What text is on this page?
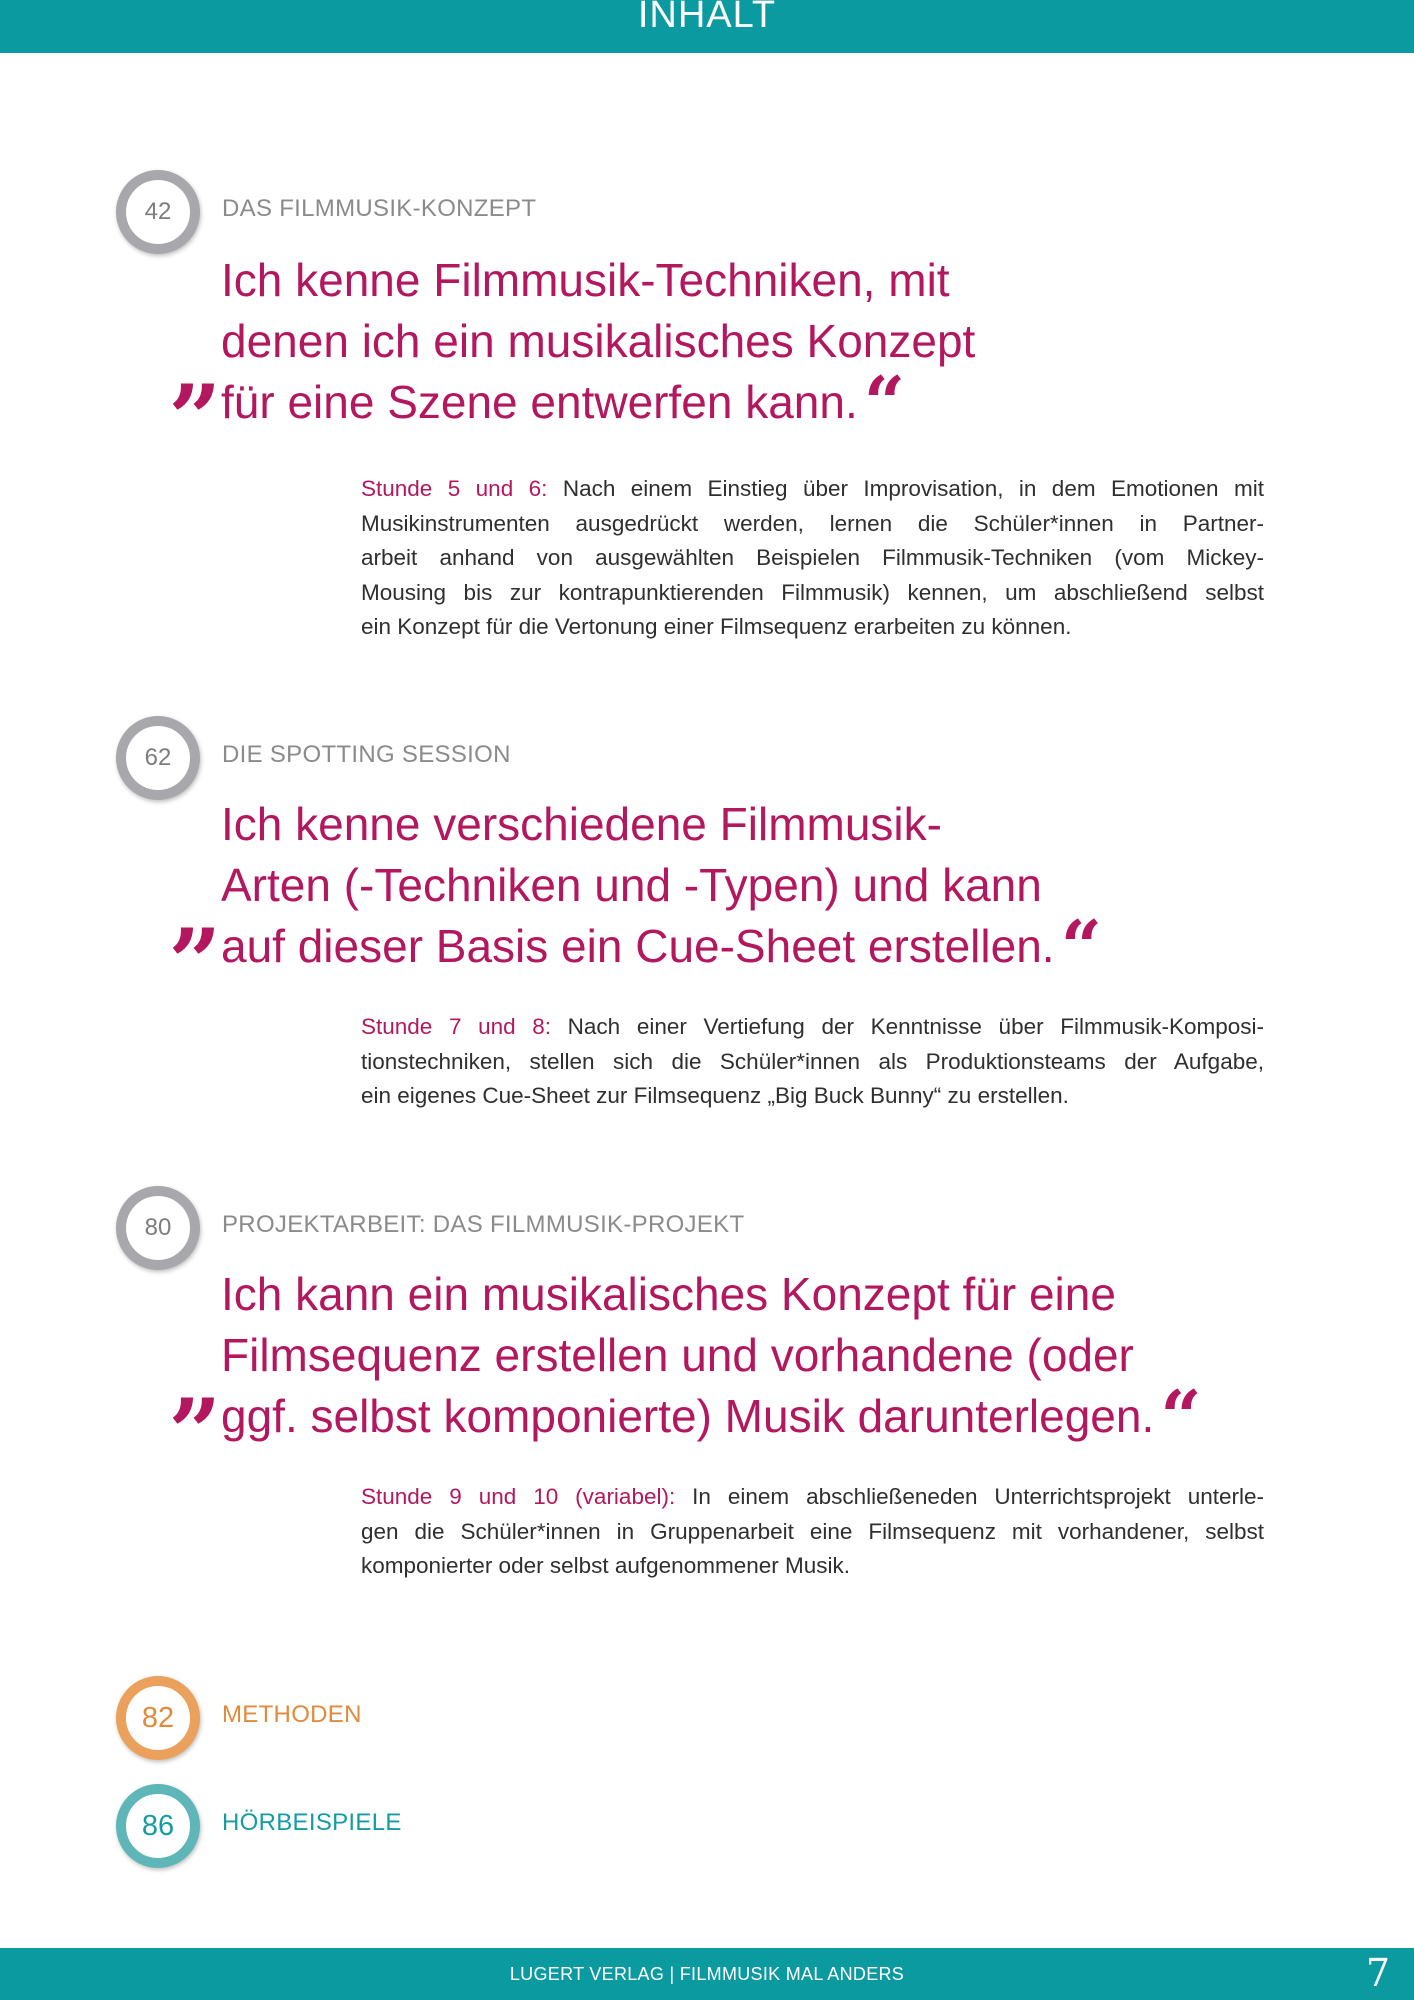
INHALT
42 DAS FILMMUSIK-KONZEPT
„
Ich kenne Filmmusik-Techniken, mit
denen ich ein musikalisches Konzept
für eine Szene entwerfen kann.“
Stunde 5 und 6: Nach einem Einstieg über Improvisation, in dem Emotionen mit
Musikinstrumenten ausgedrückt werden, lernen die Schüler*innen in Partner-
arbeit anhand von ausgewählten Beispielen Filmmusik-Techniken (vom Mickey-
Mousing bis zur kontrapunktierenden Filmmusik) kennen, um abschließend selbst
ein Konzept für die Vertonung einer Filmsequenz erarbeiten zu können.
62 DIE SPOTTING SESSION
„
Ich kenne verschiedene Filmmusik-
Arten (-Techniken und -Typen) und kann
auf dieser Basis ein Cue-Sheet erstellen.“
Stunde 7 und 8: Nach einer Vertiefung der Kenntnisse über Filmmusik-Komposi-
tionstechniken, stellen sich die Schüler*innen als Produktionsteams der Aufgabe,
ein eigenes Cue-Sheet zur Filmsequenz „Big Buck Bunny“ zu erstellen.
80 PROJEKTARBEIT: DAS FILMMUSIK-PROJEKT
„
Ich kann ein musikalisches Konzept für eine
Filmsequenz erstellen und vorhandene (oder
ggf. selbst komponierte) Musik darunterlegen.“
Stunde 9 und 10 (variabel): In einem abschließeneden Unterrichtsprojekt unterle-
gen die Schüler*innen in Gruppenarbeit eine Filmsequenz mit vorhandener, selbst
komponierter oder selbst aufgenommener Musik.
82 METHODEN
86 HÖRBEISPIELE
LUGERT VERLAG | FILMMUSIK MAL ANDERS	7
